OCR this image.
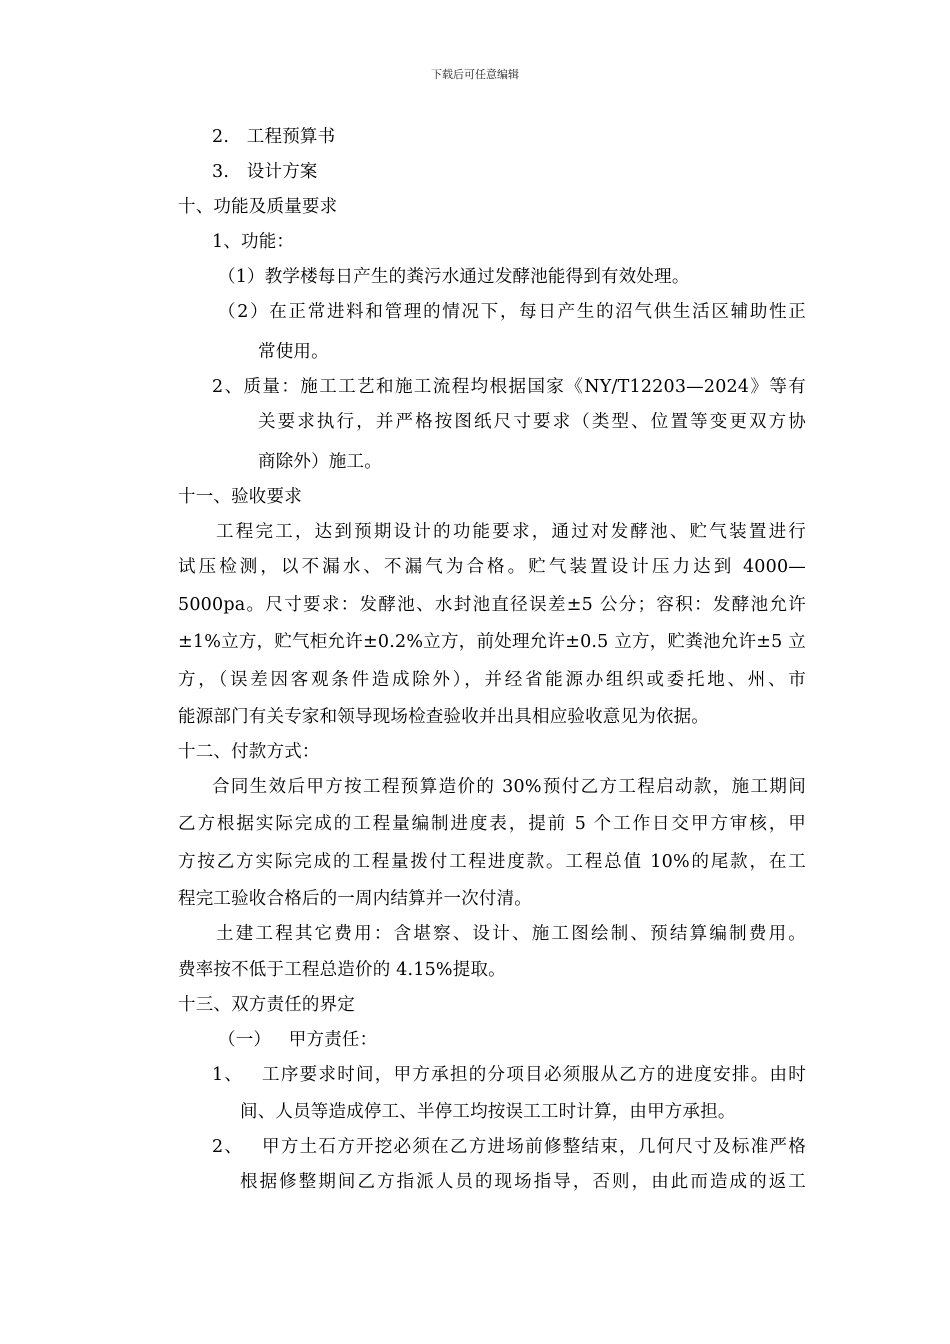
下载后可任意编辑
2. 工程预算书
3. 设计方案
十、功能及质量要求
1、功能：
（1）教学楼每日产生的粪污水通过发酵池能得到有效处理。
（2）在正常进料和管理的情况下，每日产生的沼气供生活区辅助性正
常使用。
2、质量：施工工艺和施工流程均根据国家《NY/T12203—2024》等有
关要求执行，并严格按图纸尺寸要求（类型、位置等变更双方协
商除外）施工。
十一、验收要求
工程完工，达到预期设计的功能要求，通过对发酵池、贮气装置进行
试压检测，以不漏水、不漏气为合格。贮气装置设计压力达到 4000—
5000pa。尺寸要求：发酵池、水封池直径误差±5 公分；容积：发酵池允许
±1%立方，贮气柜允许±0.2%立方，前处理允许±0.5 立方，贮粪池允许±5 立
方，（误差因客观条件造成除外），并经省能源办组织或委托地、州、市
能源部门有关专家和领导现场检查验收并出具相应验收意见为依据。
十二、付款方式：
合同生效后甲方按工程预算造价的 30%预付乙方工程启动款，施工期间
乙方根据实际完成的工程量编制进度表，提前 5 个工作日交甲方审核，甲
方按乙方实际完成的工程量拨付工程进度款。工程总值 10%的尾款，在工
程完工验收合格后的一周内结算并一次付清。
土建工程其它费用：含堪察、设计、施工图绘制、预结算编制费用。
费率按不低于工程总造价的 4.15%提取。
十三、双方责任的界定
（一） 甲方责任：
1、 工序要求时间，甲方承担的分项目必须服从乙方的进度安排。由时
间、人员等造成停工、半停工均按误工工时计算，由甲方承担。
2、 甲方土石方开挖必须在乙方进场前修整结束，几何尺寸及标准严格
根据修整期间乙方指派人员的现场指导，否则，由此而造成的返工
